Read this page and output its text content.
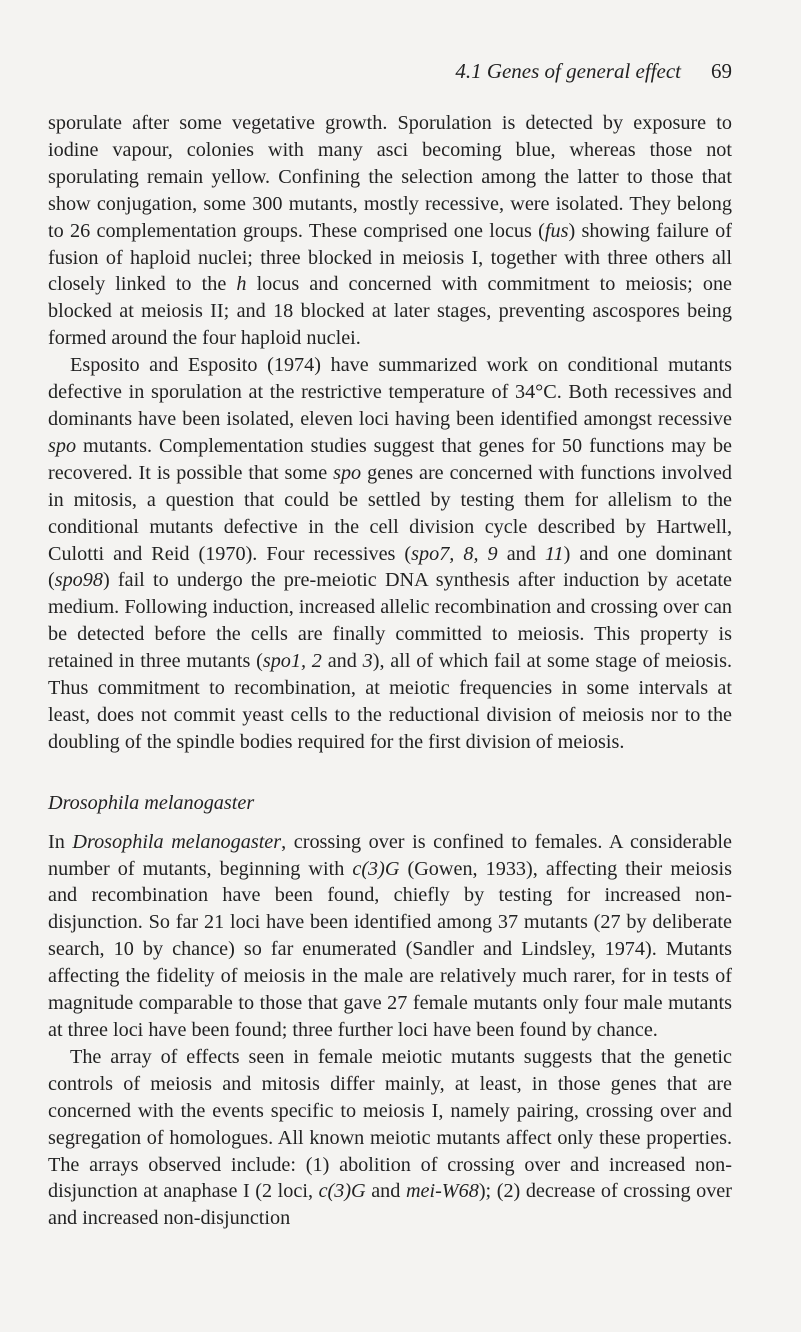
4.1 Genes of general effect 69

sporulate after some vegetative growth. Sporulation is detected by exposure to iodine vapour, colonies with many asci becoming blue, whereas those not sporulating remain yellow. Confining the selection among the latter to those that show conjugation, some 300 mutants, mostly recessive, were isolated. They belong to 26 complementation groups. These comprised one locus (fus) showing failure of fusion of haploid nuclei; three blocked in meiosis I, together with three others all closely linked to the h locus and concerned with commitment to meiosis; one blocked at meiosis II; and 18 blocked at later stages, preventing ascospores being formed around the four haploid nuclei.

Esposito and Esposito (1974) have summarized work on conditional mutants defective in sporulation at the restrictive temperature of 34°C. Both recessives and dominants have been isolated, eleven loci having been identified amongst recessive spo mutants. Complementation studies suggest that genes for 50 functions may be recovered. It is possible that some spo genes are concerned with functions involved in mitosis, a question that could be settled by testing them for allelism to the conditional mutants defective in the cell division cycle described by Hartwell, Culotti and Reid (1970). Four recessives (spo7, 8, 9 and 11) and one dominant (spo98) fail to undergo the pre-meiotic DNA synthesis after induction by acetate medium. Following induction, increased allelic recombination and crossing over can be detected before the cells are finally committed to meiosis. This property is retained in three mutants (spo1, 2 and 3), all of which fail at some stage of meiosis. Thus commitment to recombination, at meiotic frequencies in some intervals at least, does not commit yeast cells to the reductional division of meiosis nor to the doubling of the spindle bodies required for the first division of meiosis.

Drosophila melanogaster

In Drosophila melanogaster, crossing over is confined to females. A considerable number of mutants, beginning with c(3)G (Gowen, 1933), affecting their meiosis and recombination have been found, chiefly by testing for increased non-disjunction. So far 21 loci have been identified among 37 mutants (27 by deliberate search, 10 by chance) so far enumerated (Sandler and Lindsley, 1974). Mutants affecting the fidelity of meiosis in the male are relatively much rarer, for in tests of magnitude comparable to those that gave 27 female mutants only four male mutants at three loci have been found; three further loci have been found by chance.

The array of effects seen in female meiotic mutants suggests that the genetic controls of meiosis and mitosis differ mainly, at least, in those genes that are concerned with the events specific to meiosis I, namely pairing, crossing over and segregation of homologues. All known meiotic mutants affect only these properties. The arrays observed include: (1) abolition of crossing over and increased non-disjunction at anaphase I (2 loci, c(3)G and mei-W68); (2) decrease of crossing over and increased non-disjunction
